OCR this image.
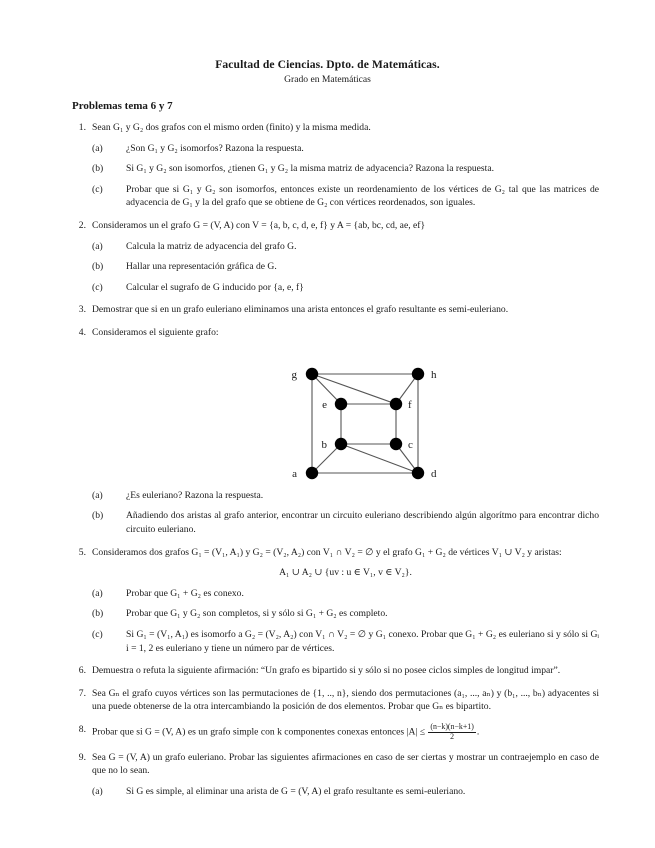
Facultad de Ciencias. Dpto. de Matemáticas.
Grado en Matemáticas
Problemas tema 6 y 7
1. Sean G₁ y G₂ dos grafos con el mismo orden (finito) y la misma medida.
(a)	¿Son G₁ y G₂ isomorfos? Razona la respuesta.
(b)	Si G₁ y G₂ son isomorfos, ¿tienen G₁ y G₂ la misma matriz de adyacencia? Razona la respuesta.
(c)	Probar que si G₁ y G₂ son isomorfos, entonces existe un reordenamiento de los vértices de G₂ tal que las matrices de adyacencia de G₁ y la del grafo que se obtiene de G₂ con vértices reordenados, son iguales.
2. Consideramos un el grafo G = (V, A) con V = {a, b, c, d, e, f} y A = {ab, bc, cd, ae, ef}
(a)	Calcula la matriz de adyacencia del grafo G.
(b)	Hallar una representación gráfica de G.
(c)	Calcular el sugrafo de G inducido por {a, e, f}
3. Demostrar que si en un grafo euleriano eliminamos una arista entonces el grafo resultante es semi-euleriano.
4. Consideramos el siguiente grafo:
g	h
e	f
b	c
a	d
(a)	¿Es euleriano? Razona la respuesta.
(b)	Añadiendo dos aristas al grafo anterior, encontrar un circuito euleriano describiendo algún algorítmo para encontrar dicho circuito euleriano.
5. Consideramos dos grafos G₁ = (V₁, A₁) y G₂ = (V₂, A₂) con V₁ ∩ V₂ = ∅ y el grafo G₁ + G₂ de vértices V₁ ∪ V₂ y aristas:
A₁ ∪ A₂ ∪ {uv : u ∈ V₁, v ∈ V₂}.
(a)	Probar que G₁ + G₂ es conexo.
(b)	Probar que G₁ y G₂ son completos, si y sólo si G₁ + G₂ es completo.
(c)	Si G₁ = (V₁, A₁) es isomorfo a G₂ = (V₂, A₂) con V₁ ∩ V₂ = ∅ y G₁ conexo. Probar que G₁ + G₂ es euleriano si y sólo si Gᵢ i = 1, 2 es euleriano y tiene un número par de vértices.
6. Demuestra o refuta la siguiente afirmación: “Un grafo es bipartido si y sólo si no posee ciclos simples de longitud impar”.
7. Sea Gₙ el grafo cuyos vértices son las permutaciones de {1, .., n}, siendo dos permutaciones (a₁, ..., aₙ) y (b₁, ..., bₙ) adyacentes si una puede obtenerse de la otra intercambiando la posición de dos elementos. Probar que Gₙ es bipartito.
8. Probar que si G = (V, A) es un grafo simple con k componentes conexas entonces $|A| \le \frac{(n-k)(n-k+1)}{2}$ .
9. Sea G = (V, A) un grafo euleriano. Probar las siguientes afirmaciones en caso de ser ciertas y mostrar un contraejemplo en caso de que no lo sean.
(a)	Si G es simple, al eliminar una arista de G = (V, A) el grafo resultante es semi-euleriano.
